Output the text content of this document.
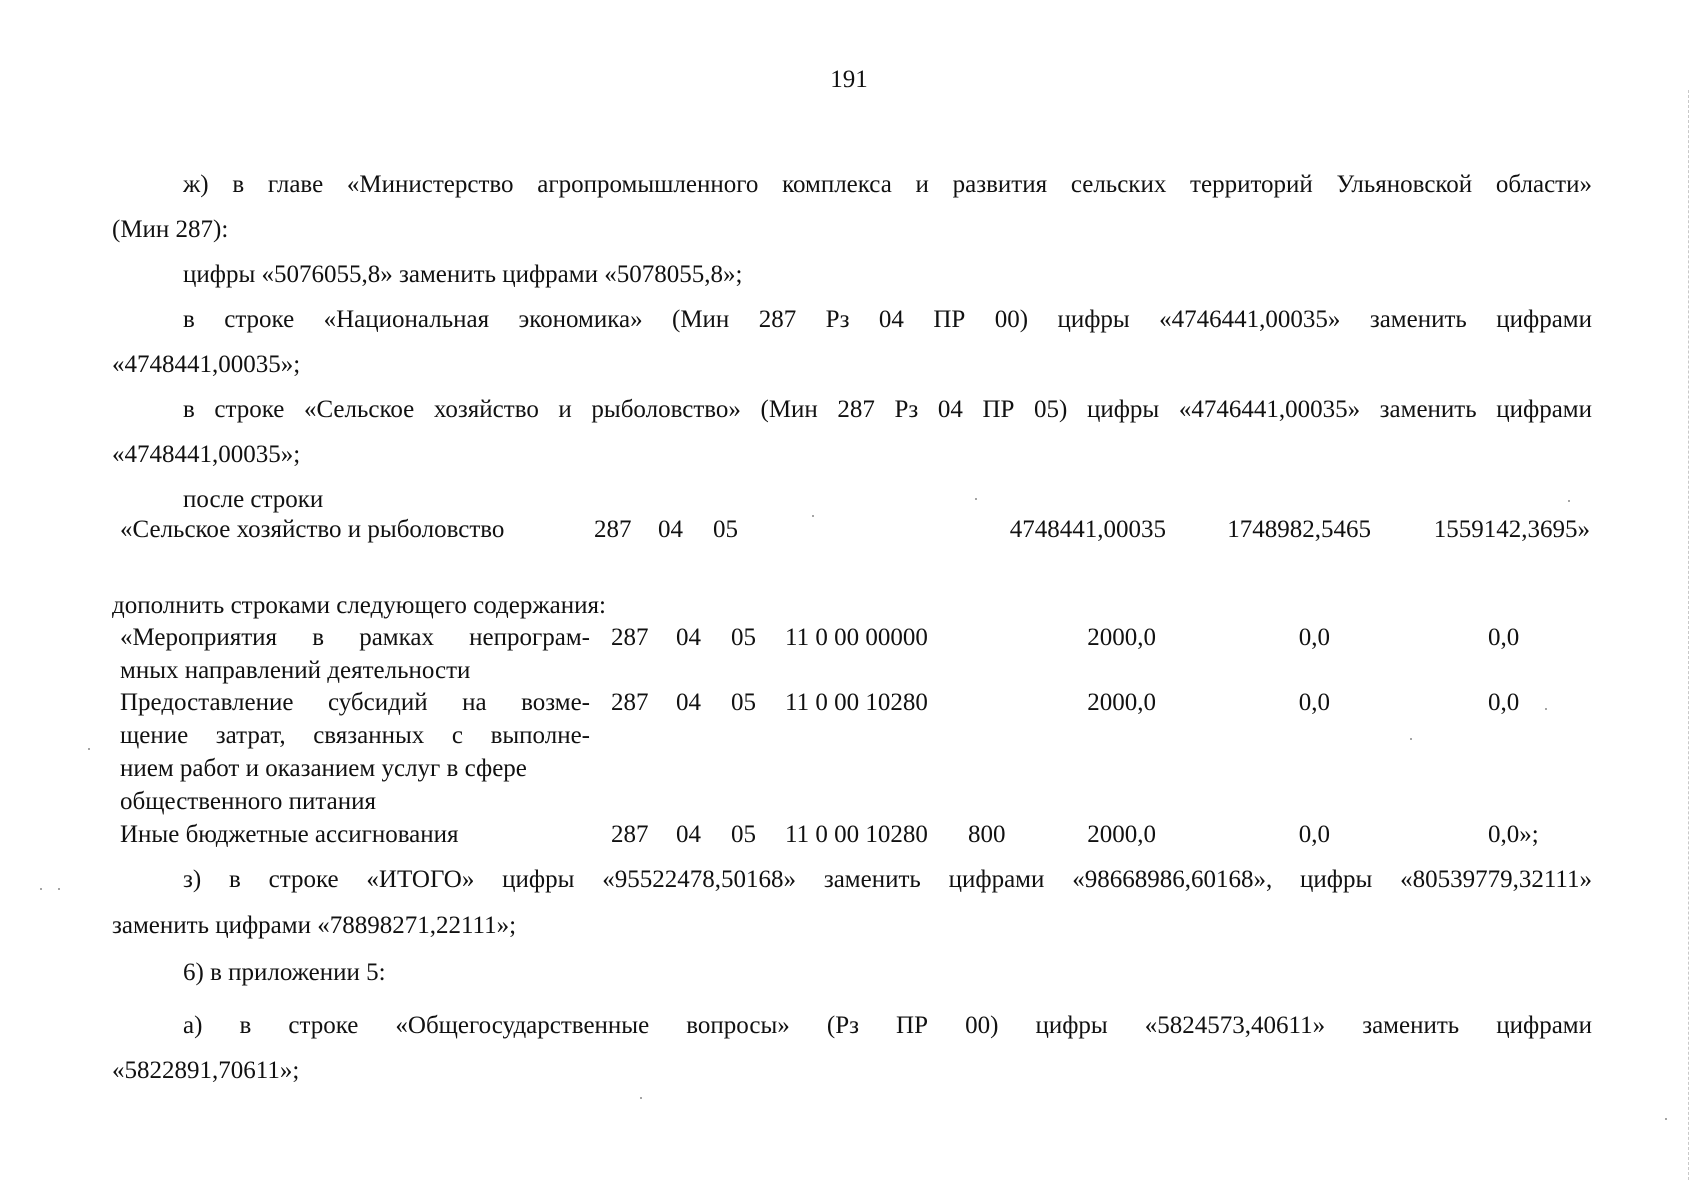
191
ж) в главе «Министерство агропромышленного комплекса и развития сельских территорий Ульяновской области»
(Мин 287):
цифры «5076055,8» заменить цифрами «5078055,8»;
в строке «Национальная экономика» (Мин 287 Рз 04 ПР 00) цифры «4746441,00035» заменить цифрами
«4748441,00035»;
в строке «Сельское хозяйство и рыболовство» (Мин 287 Рз 04 ПР 05) цифры «4746441,00035» заменить цифрами
«4748441,00035»;
после строки
«Сельское хозяйство и рыболовство	287 04 05	4748441,00035	1748982,5465	1559142,3695»
дополнить строками следующего содержания:
«Мероприятия в рамках непрограм-
мных направлений деятельности
287 04 05 11 0 00 00000	2000,0	0,0	0,0
Предоставление субсидий на возме-
щение затрат, связанных с выполне-
нием работ и оказанием услуг в сфере
общественного питания
287 04 05 11 0 00 10280	2000,0	0,0	0,0
Иные бюджетные ассигнования	287 04 05 11 0 00 10280 800	2000,0	0,0	0,0»;
з) в строке «ИТОГО» цифры «95522478,50168» заменить цифрами «98668986,60168», цифры «80539779,32111»
заменить цифрами «78898271,22111»;
6) в приложении 5:
а) в строке «Общегосударственные вопросы» (Рз ПР 00) цифры «5824573,40611» заменить цифрами
«5822891,70611»;
